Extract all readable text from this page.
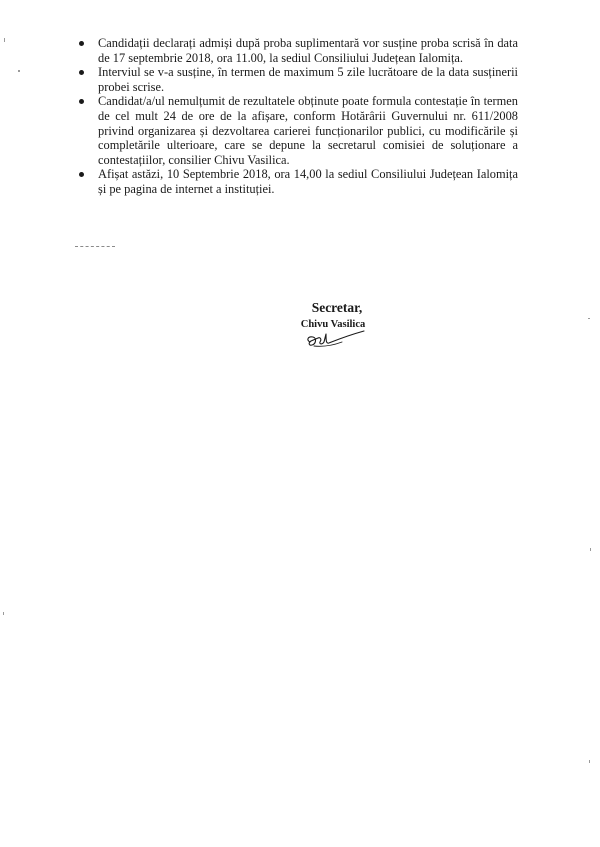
Candidații declarați admiși după proba suplimentară vor susține proba scrisă în data de 17 septembrie 2018, ora 11.00, la sediul Consiliului Județean Ialomița.
Interviul se v-a susține, în termen de maximum 5 zile lucrătoare de la data susținerii probei scrise.
Candidat/a/ul nemulțumit de rezultatele obținute poate formula contestație în termen de cel mult 24 de ore de la afișare, conform Hotărârii Guvernului nr. 611/2008 privind organizarea și dezvoltarea carierei funcționarilor publici, cu modificările și completările ulterioare, care se depune la secretarul comisiei de soluționare a contestațiilor, consilier Chivu Vasilica.
Afișat astăzi, 10 Septembrie 2018, ora 14,00 la sediul Consiliului Județean Ialomița și pe pagina de internet a instituției.
Secretar,
Chivu Vasilica
